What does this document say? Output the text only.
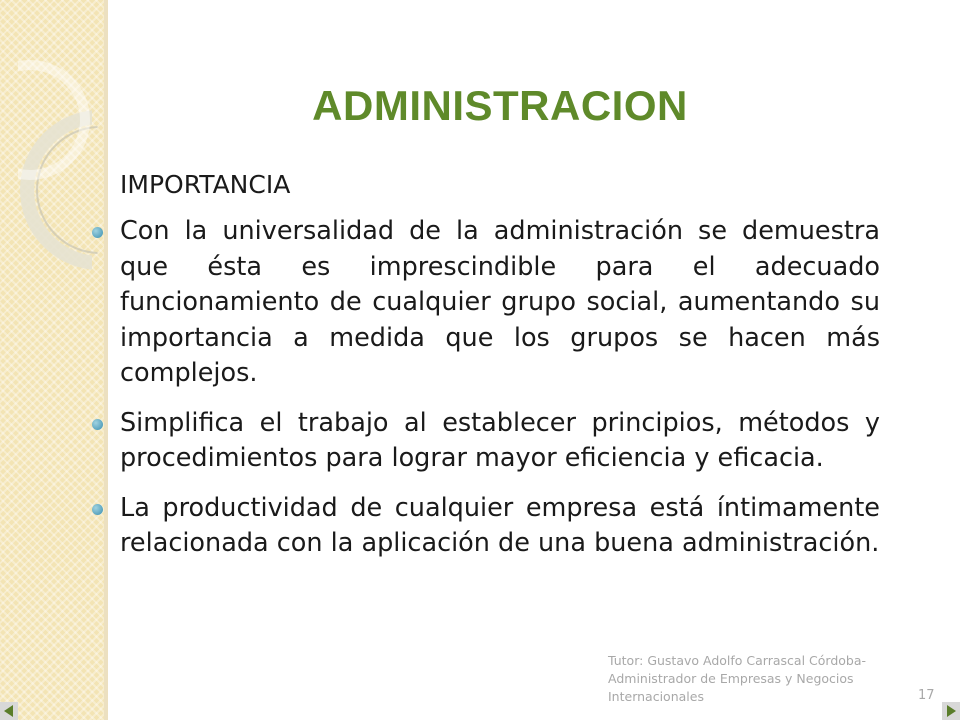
ADMINISTRACION
IMPORTANCIA
Con la universalidad de la administración se demuestra que ésta es imprescindible para el adecuado funcionamiento de cualquier grupo social, aumentando su importancia a medida que los grupos se hacen más complejos.
Simplifica el trabajo al establecer principios, métodos y procedimientos para lograr mayor eficiencia y eficacia.
La productividad de cualquier empresa está íntimamente relacionada con la aplicación de una buena administración.
Tutor: Gustavo Adolfo Carrascal Córdoba- Administrador de Empresas y Negocios Internacionales	17
